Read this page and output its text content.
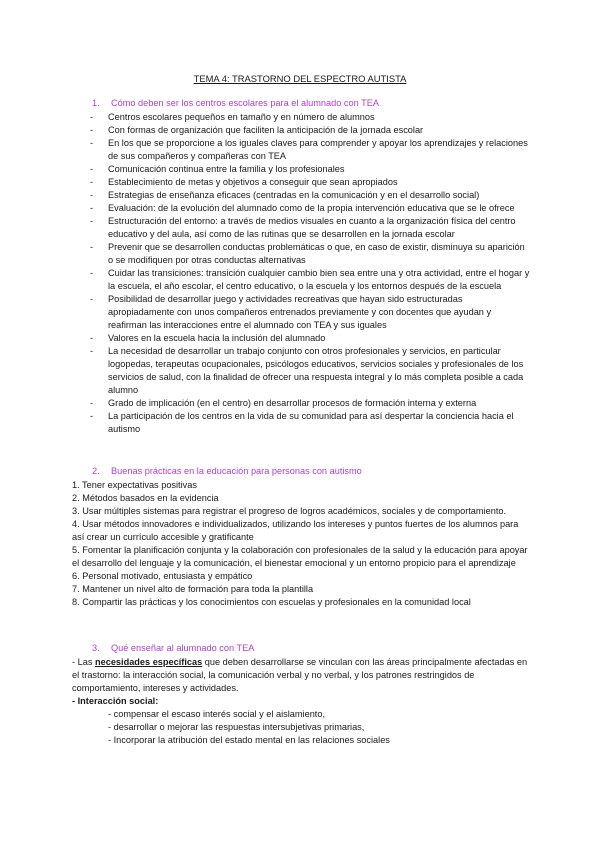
TEMA 4: TRASTORNO DEL ESPECTRO AUTISTA
1.	Cómo deben ser los centros escolares para el alumnado con TEA
-	Centros escolares pequeños en tamaño y en número de alumnos
-	Con formas de organización que faciliten la anticipación de la jornada escolar
-	En los que se proporcione a los iguales claves para comprender y apoyar los aprendizajes y relaciones de sus compañeros y compañeras con TEA
-	Comunicación continua entre la familia y los profesionales
-	Establecimiento de metas y objetivos a conseguir que sean apropiados
-	Estrategias de enseñanza eficaces (centradas en la comunicación y en el desarrollo social)
-	Evaluación: de la evolución del alumnado como de la propia intervención educativa que se le ofrece
-	Estructuración del entorno: a través de medios visuales en cuanto a la organización física del centro educativo y del aula, así como de las rutinas que se desarrollen en la jornada escolar
-	Prevenir que se desarrollen conductas problemáticas o que, en caso de existir, disminuya su aparición o se modifiquen por otras conductas alternativas
-	Cuidar las transiciones: transición cualquier cambio bien sea entre una y otra actividad, entre el hogar y la escuela, el año escolar, el centro educativo, o la escuela y los entornos después de la escuela
-	Posibilidad de desarrollar juego y actividades recreativas que hayan sido estructuradas apropiadamente con unos compañeros entrenados previamente y con docentes que ayudan y reafirman las interacciones entre el alumnado con TEA y sus iguales
-	Valores en la escuela hacia la inclusión del alumnado
-	La necesidad de desarrollar un trabajo conjunto con otros profesionales y servicios, en particular logopedas, terapeutas ocupacionales, psicólogos educativos, servicios sociales y profesionales de los servicios de salud, con la finalidad de ofrecer una respuesta integral y lo más completa posible a cada alumno
-	Grado de implicación (en el centro) en desarrollar procesos de formación interna y externa
-	La participación de los centros en la vida de su comunidad para así despertar la conciencia hacia el autismo
2.	Buenas prácticas en la educación para personas con autismo

1. Tener expectativas positivas

2. Métodos basados en la evidencia

3. Usar múltiples sistemas para registrar el progreso de logros académicos, sociales y de comportamiento.

4. Usar métodos innovadores e individualizados, utilizando los intereses y puntos fuertes de los alumnos para así crear un currículo accesible y gratificante

5. Fomentar la planificación conjunta y la colaboración con profesionales de la salud y la educación para apoyar el desarrollo del lenguaje y la comunicación, el bienestar emocional y un entorno propicio para el aprendizaje

6. Personal motivado, entusiasta y empático

7. Mantener un nivel alto de formación para toda la plantilla

8. Compartir las prácticas y los conocimientos con escuelas y profesionales en la comunidad local

3.	Qué enseñar al alumnado con TEA

- Las necesidades específicas que deben desarrollarse se vinculan con las áreas principalmente afectadas en el trastorno: la interacción social, la comunicación verbal y no verbal, y los patrones restringidos de comportamiento, intereses y actividades.

- Interacción social:

- compensar el escaso interés social y el aislamiento,
- desarrollar o mejorar las respuestas intersubjetivas primarias,
- Incorporar la atribución del estado mental en las relaciones sociales
